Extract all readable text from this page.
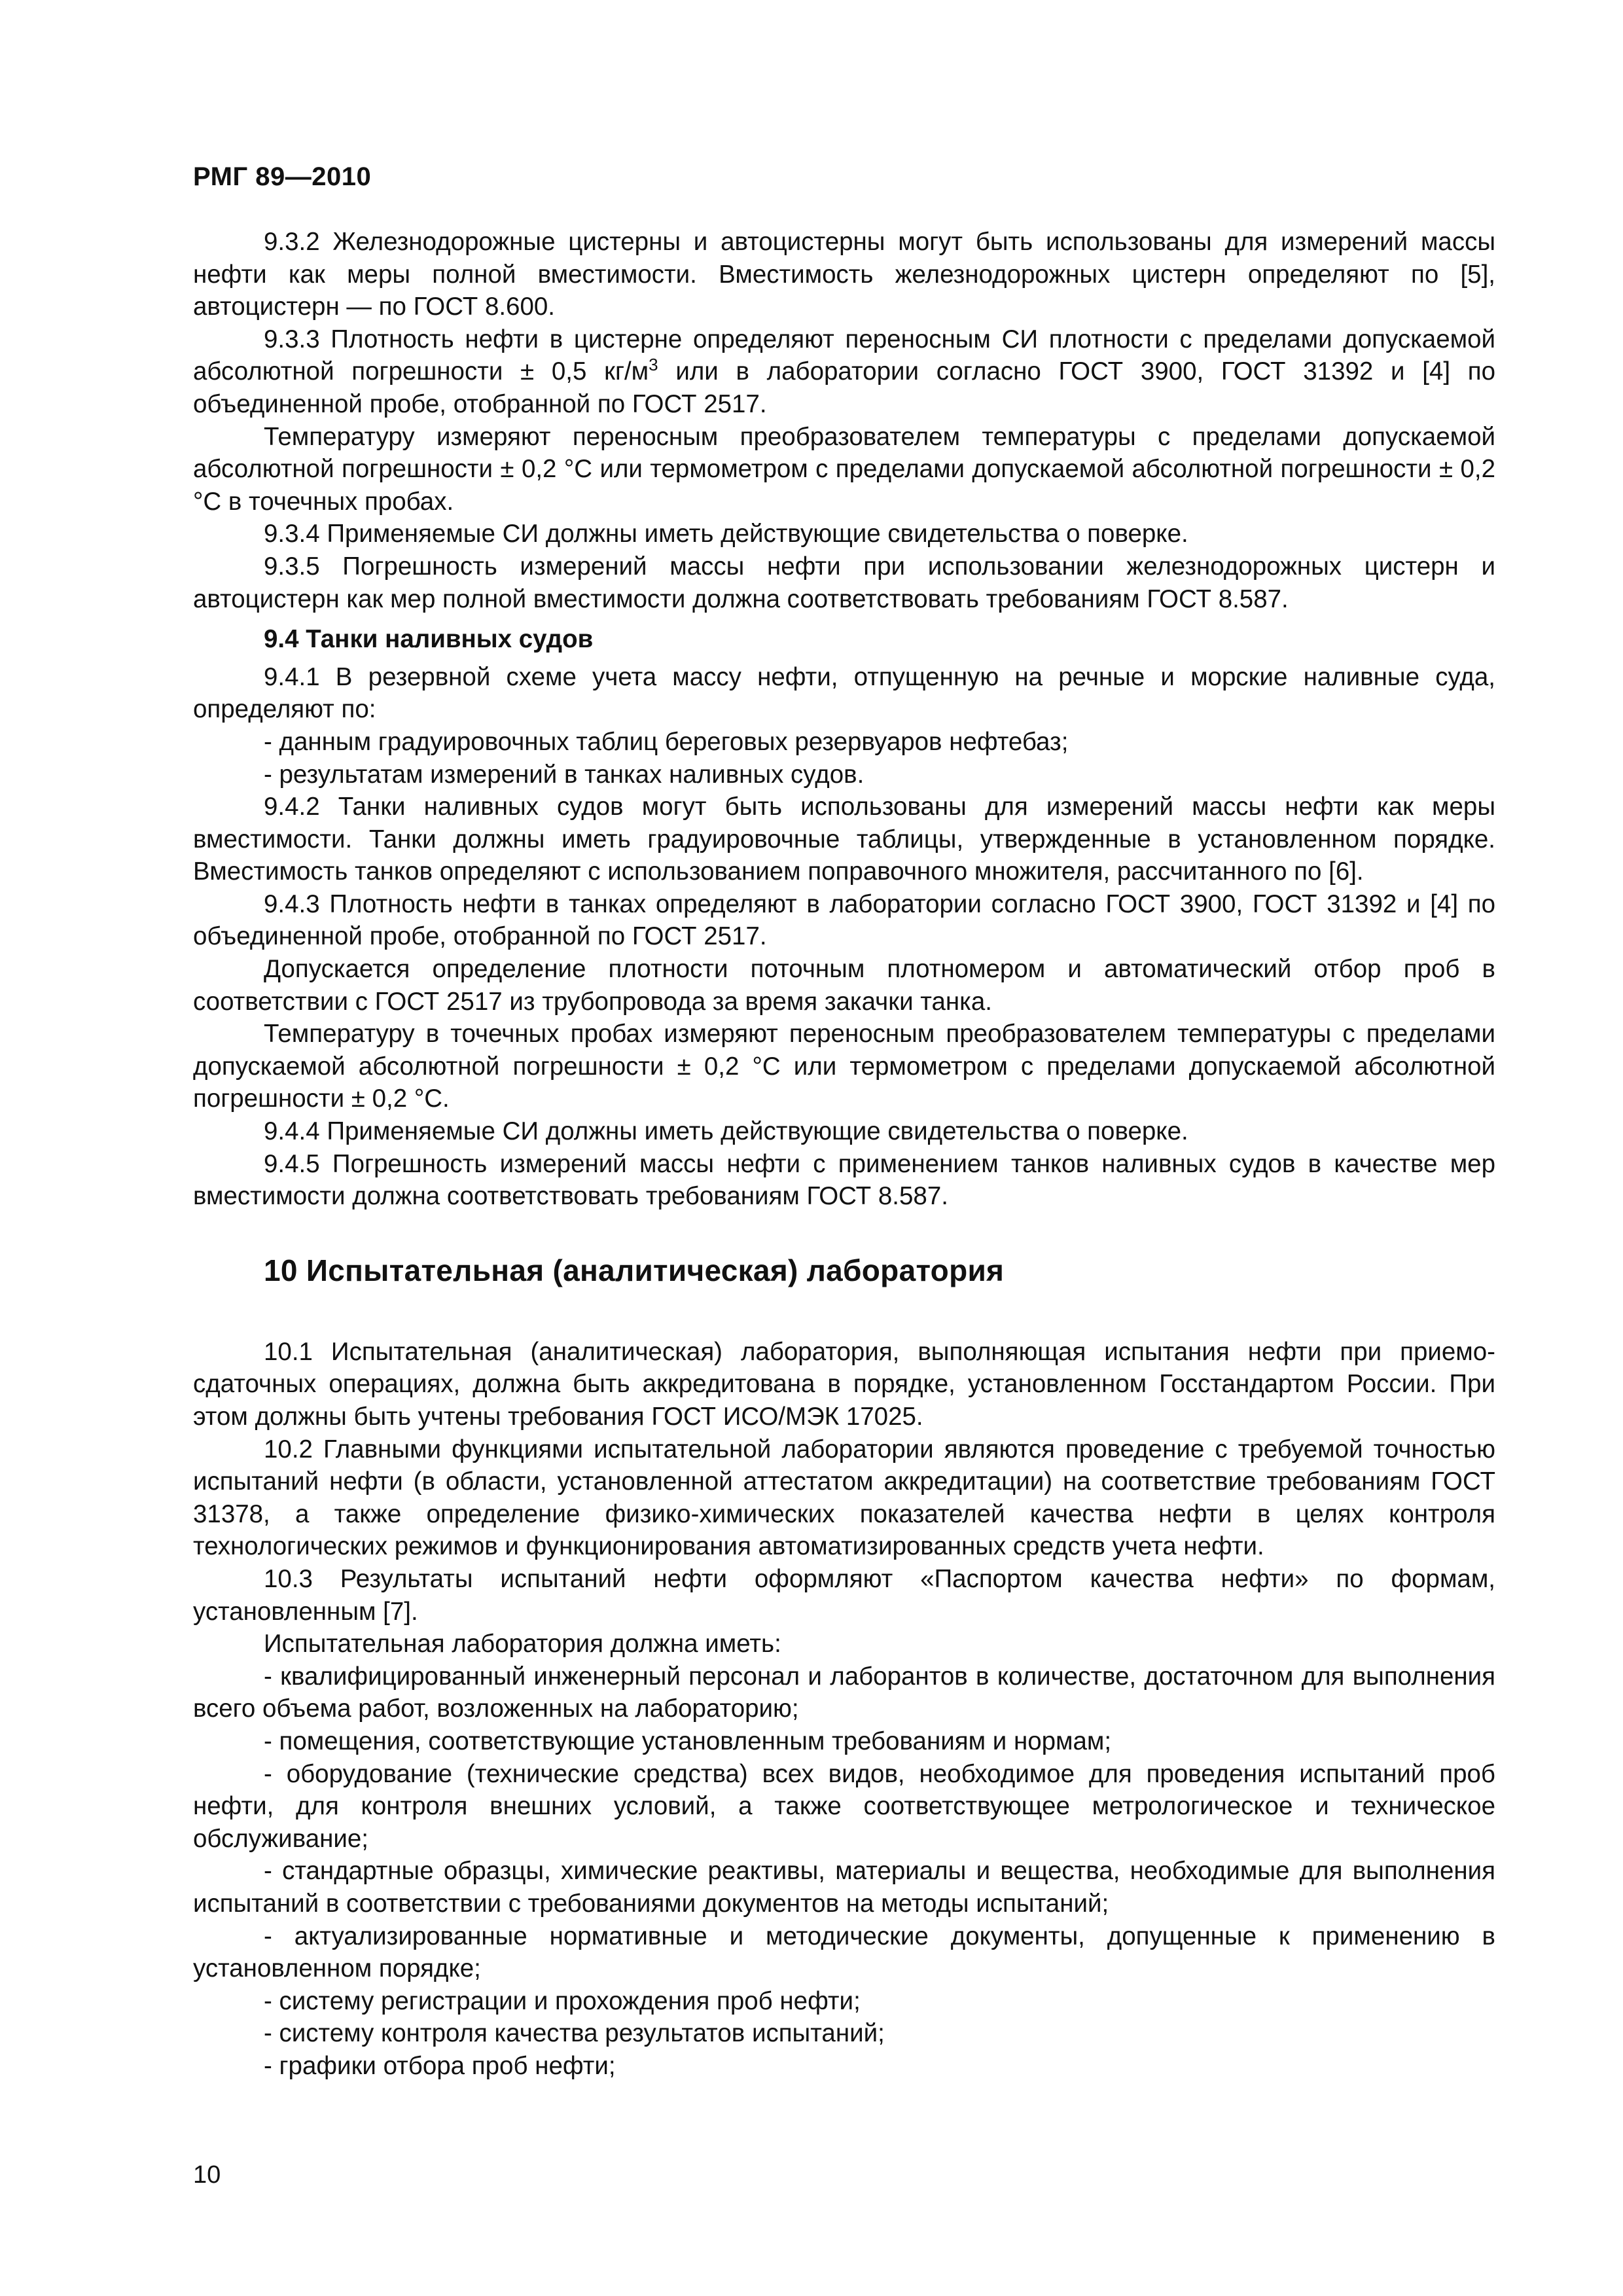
РМГ 89—2010

9.3.2 Железнодорожные цистерны и автоцистерны могут быть использованы для измерений массы нефти как меры полной вместимости. Вместимость железнодорожных цистерн определяют по [5], автоцистерн — по ГОСТ 8.600.

9.3.3 Плотность нефти в цистерне определяют переносным СИ плотности с пределами допускаемой абсолютной погрешности ± 0,5 $кг/м^3$ или в лаборатории согласно ГОСТ 3900, ГОСТ 31392 и [4] по объединенной пробе, отобранной по ГОСТ 2517.

Температуру измеряют переносным преобразователем температуры с пределами допускаемой абсолютной погрешности ± 0,2 °С или термометром с пределами допускаемой абсолютной погрешности ± 0,2 °С в точечных пробах.

9.3.4 Применяемые СИ должны иметь действующие свидетельства о поверке.

9.3.5 Погрешность измерений массы нефти при использовании железнодорожных цистерн и автоцистерн как мер полной вместимости должна соответствовать требованиям ГОСТ 8.587.

9.4 Танки наливных судов

9.4.1 В резервной схеме учета массу нефти, отпущенную на речные и морские наливные суда, определяют по:

- данным градуировочных таблиц береговых резервуаров нефтебаз;

- результатам измерений в танках наливных судов.

9.4.2 Танки наливных судов могут быть использованы для измерений массы нефти как меры вместимости. Танки должны иметь градуировочные таблицы, утвержденные в установленном порядке. Вместимость танков определяют с использованием поправочного множителя, рассчитанного по [6].

9.4.3 Плотность нефти в танках определяют в лаборатории согласно ГОСТ 3900, ГОСТ 31392 и [4] по объединенной пробе, отобранной по ГОСТ 2517.

Допускается определение плотности поточным плотномером и автоматический отбор проб в соответствии с ГОСТ 2517 из трубопровода за время закачки танка.

Температуру в точечных пробах измеряют переносным преобразователем температуры с пределами допускаемой абсолютной погрешности ± 0,2 °С или термометром с пределами допускаемой абсолютной погрешности ± 0,2 °С.

9.4.4 Применяемые СИ должны иметь действующие свидетельства о поверке.

9.4.5 Погрешность измерений массы нефти с применением танков наливных судов в качестве мер вместимости должна соответствовать требованиям ГОСТ 8.587.

10 Испытательная (аналитическая) лаборатория

10.1 Испытательная (аналитическая) лаборатория, выполняющая испытания нефти при приемо-сдаточных операциях, должна быть аккредитована в порядке, установленном Госстандартом России. При этом должны быть учтены требования ГОСТ ИСО/МЭК 17025.

10.2 Главными функциями испытательной лаборатории являются проведение с требуемой точностью испытаний нефти (в области, установленной аттестатом аккредитации) на соответствие требованиям ГОСТ 31378, а также определение физико-химических показателей качества нефти в целях контроля технологических режимов и функционирования автоматизированных средств учета нефти.

10.3 Результаты испытаний нефти оформляют «Паспортом качества нефти» по формам, установленным [7].

Испытательная лаборатория должна иметь:

- квалифицированный инженерный персонал и лаборантов в количестве, достаточном для выполнения всего объема работ, возложенных на лабораторию;

- помещения, соответствующие установленным требованиям и нормам;

- оборудование (технические средства) всех видов, необходимое для проведения испытаний проб нефти, для контроля внешних условий, а также соответствующее метрологическое и техническое обслуживание;

- стандартные образцы, химические реактивы, материалы и вещества, необходимые для выполнения испытаний в соответствии с требованиями документов на методы испытаний;

- актуализированные нормативные и методические документы, допущенные к применению в установленном порядке;

- систему регистрации и прохождения проб нефти;

- систему контроля качества результатов испытаний;

- графики отбора проб нефти;

10
